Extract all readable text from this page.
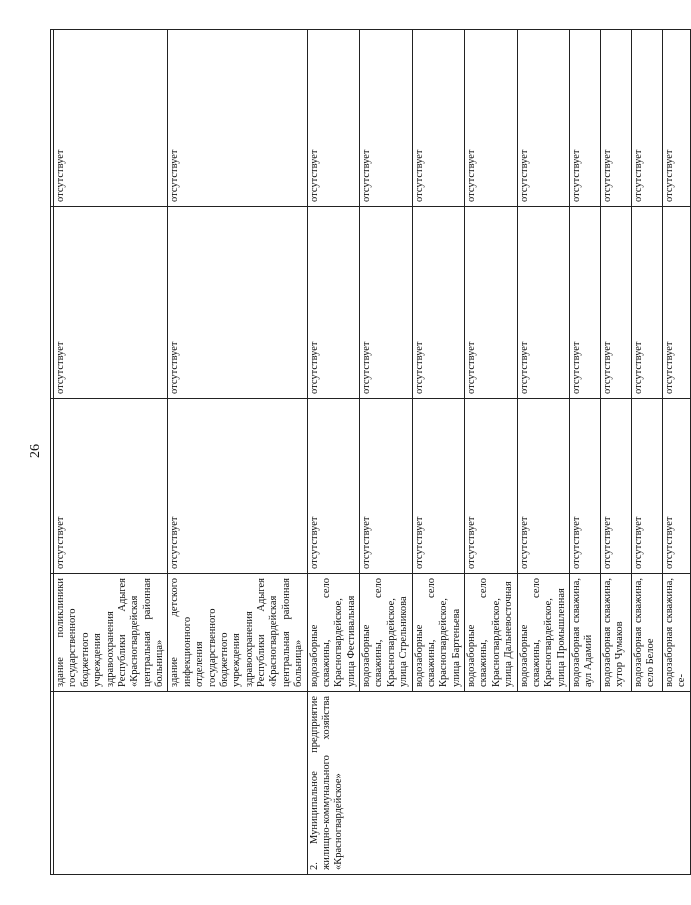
26

	здание поликлиники государственного бюджетного учреждения здравоохранения Республики Адыгея «Красногвардейская центральная районная больница»	отсутствует	отсутствует	отсутствует
	здание детского инфекционного отделения государственного бюджетного учреждения здравоохранения Республики Адыгея «Красногвардейская центральная районная больница»	отсутствует	отсутствует	отсутствует
2. Муниципальное предприятие жилищно-коммунального хозяйства «Красногвардейское»	водозаборные скважины, село Красногвардейское, улица Фестивальная	отсутствует	отсутствует	отсутствует
	водозаборные скважины, село Красногвардейское, улица Стрельникова	отсутствует	отсутствует	отсутствует
	водозаборные скважины, село Красногвардейское, улица Бартеньева	отсутствует	отсутствует	отсутствует
	водозаборные скважины, село Красногвардейское, улица Дальневосточная	отсутствует	отсутствует	отсутствует
	водозаборные скважины, село Красногвардейское, улица Промышленная	отсутствует	отсутствует	отсутствует
	водозаборная скважина, аул Адамий	отсутствует	отсутствует	отсутствует
	водозаборная скважина, хутор Чумаков	отсутствует	отсутствует	отсутствует
	водозаборная скважина, село Белое	отсутствует	отсутствует	отсутствует
	водозаборная скважина, се-	отсутствует	отсутствует	отсутствует
